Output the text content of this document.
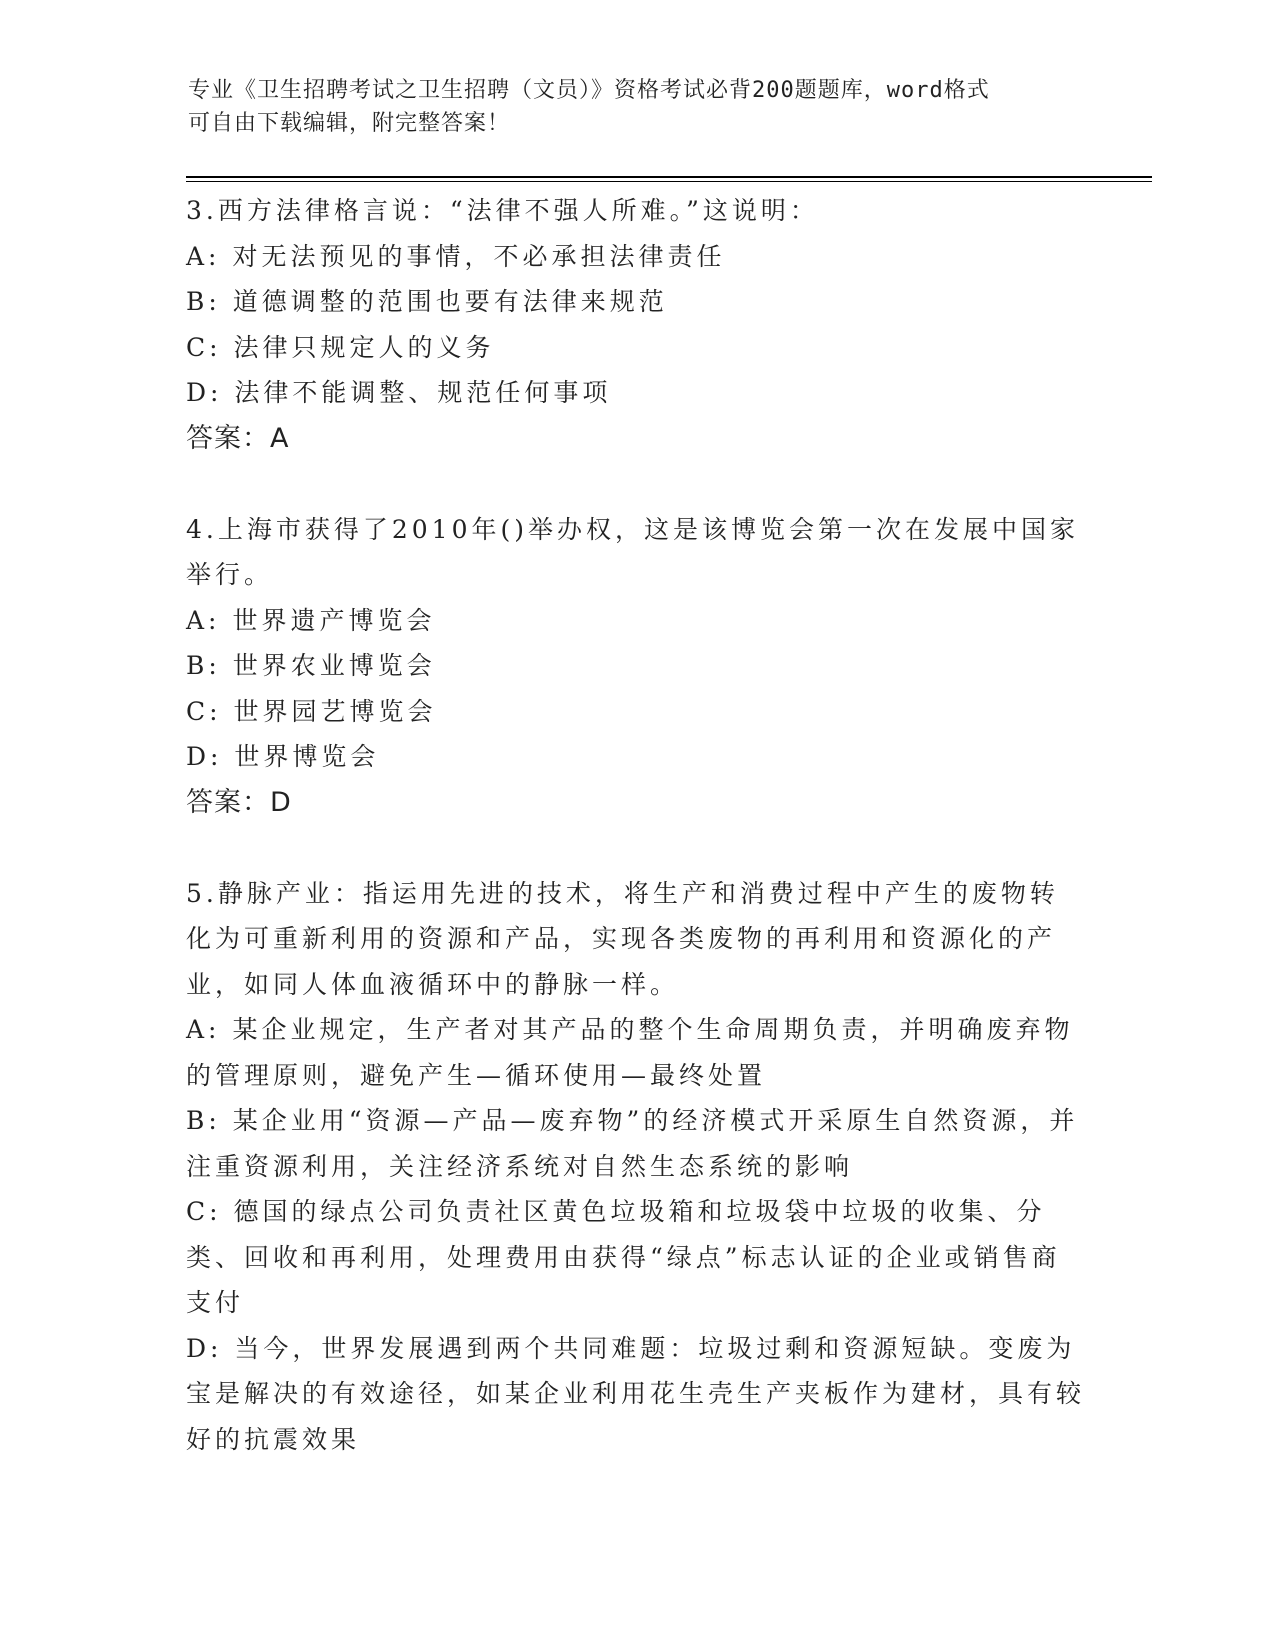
专业《卫生招聘考试之卫生招聘（文员）》资格考试必背200题题库，word格式
可自由下载编辑，附完整答案！

3.西方法律格言说：“法律不强人所难。”这说明：

A: 对无法预见的事情，不必承担法律责任

B: 道德调整的范围也要有法律来规范

C: 法律只规定人的义务

D: 法律不能调整、规范任何事项

答案：A

4.上海市获得了2010年()举办权，这是该博览会第一次在发展中国家举行。

A: 世界遗产博览会

B: 世界农业博览会

C: 世界园艺博览会

D: 世界博览会

答案：D

5.静脉产业：指运用先进的技术，将生产和消费过程中产生的废物转化为可重新利用的资源和产品，实现各类废物的再利用和资源化的产业，如同人体血液循环中的静脉一样。

A: 某企业规定，生产者对其产品的整个生命周期负责，并明确废弃物的管理原则，避免产生—循环使用—最终处置

B: 某企业用“资源—产品—废弃物”的经济模式开采原生自然资源，并注重资源利用，关注经济系统对自然生态系统的影响

C: 德国的绿点公司负责社区黄色垃圾箱和垃圾袋中垃圾的收集、分类、回收和再利用，处理费用由获得“绿点”标志认证的企业或销售商支付

D: 当今，世界发展遇到两个共同难题：垃圾过剩和资源短缺。变废为宝是解决的有效途径，如某企业利用花生壳生产夹板作为建材，具有较好的抗震效果
